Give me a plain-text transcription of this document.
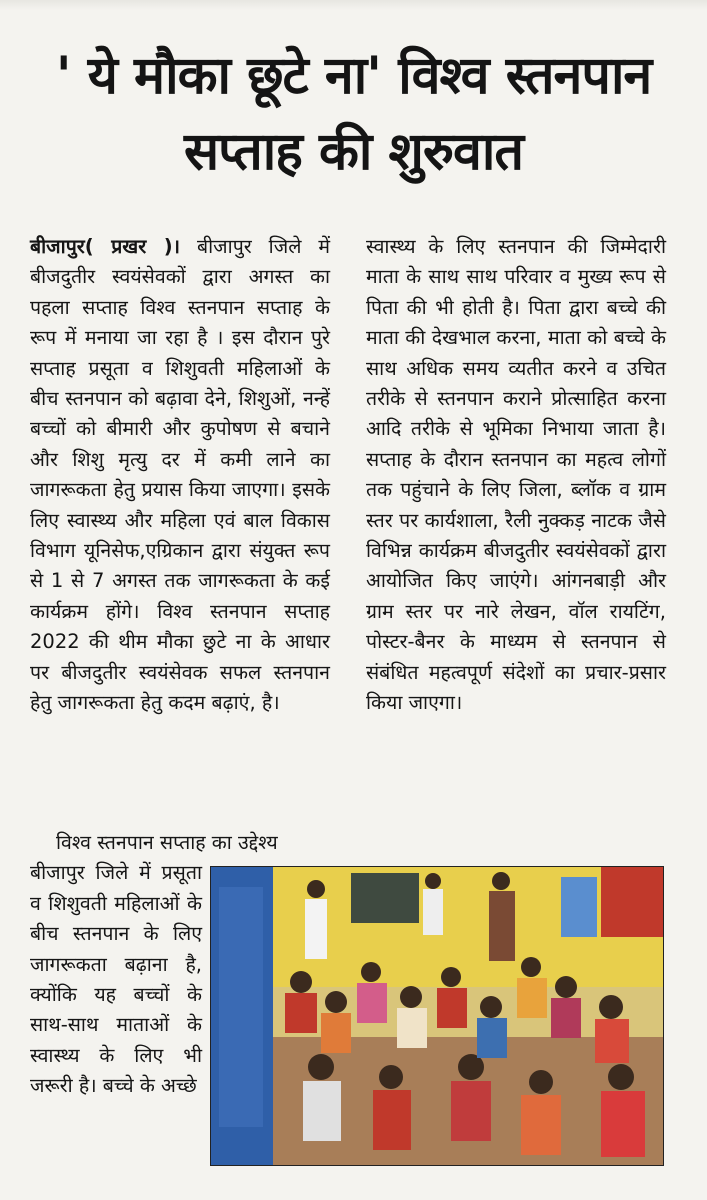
' ये मौका छूटे ना' विश्व स्तनपान
सप्ताह की शुरुवात

बीजापुर( प्रखर )। बीजापुर जिले में बीजदुतीर स्वयंसेवकों द्वारा अगस्त का पहला सप्ताह विश्व स्तनपान सप्ताह के रूप में मनाया जा रहा है । इस दौरान पुरे सप्ताह प्रसूता व शिशुवती महिलाओं के बीच स्तनपान को बढ़ावा देने, शिशुओं, नन्हें बच्चों को बीमारी और कुपोषण से बचाने और शिशु मृत्यु दर में कमी लाने का जागरूकता हेतु प्रयास किया जाएगा। इसके लिए स्वास्थ्य और महिला एवं बाल विकास विभाग यूनिसेफ,एग्रिकान द्वारा संयुक्त रूप से 1 से 7 अगस्त तक जागरूकता के कई कार्यक्रम होंगे। विश्व स्तनपान सप्ताह 2022 की थीम मौका छुटे ना के आधार पर बीजदुतीर स्वयंसेवक सफल स्तनपान हेतु जागरूकता हेतु कदम बढ़ाएं, है।

स्वास्थ्य के लिए स्तनपान की जिम्मेदारी माता के साथ साथ परिवार व मुख्य रूप से पिता की भी होती है। पिता द्वारा बच्चे की माता की देखभाल करना, माता को बच्चे के साथ अधिक समय व्यतीत करने व उचित तरीके से स्तनपान कराने प्रोत्साहित करना आदि तरीके से भूमिका निभाया जाता है। सप्ताह के दौरान स्तनपान का महत्व लोगों तक पहुंचाने के लिए जिला, ब्लॉक व ग्राम स्तर पर कार्यशाला, रैली नुक्कड़ नाटक जैसे विभिन्न कार्यक्रम बीजदुतीर स्वयंसेवकों द्वारा आयोजित किए जाएंगे। आंगनबाड़ी और ग्राम स्तर पर नारे लेखन, वॉल रायटिंग, पोस्टर-बैनर के माध्यम से स्तनपान से संबंधित महत्वपूर्ण संदेशों का प्रचार-प्रसार किया जाएगा।

विश्व स्तनपान सप्ताह का उद्देश्य

बीजापुर जिले में प्रसूता व शिशुवती महिलाओं के बीच स्तनपान के लिए जागरूकता बढ़ाना है, क्योंकि यह बच्चों के साथ-साथ माताओं के स्वास्थ्य के लिए भी जरूरी है। बच्चे के अच्छे
